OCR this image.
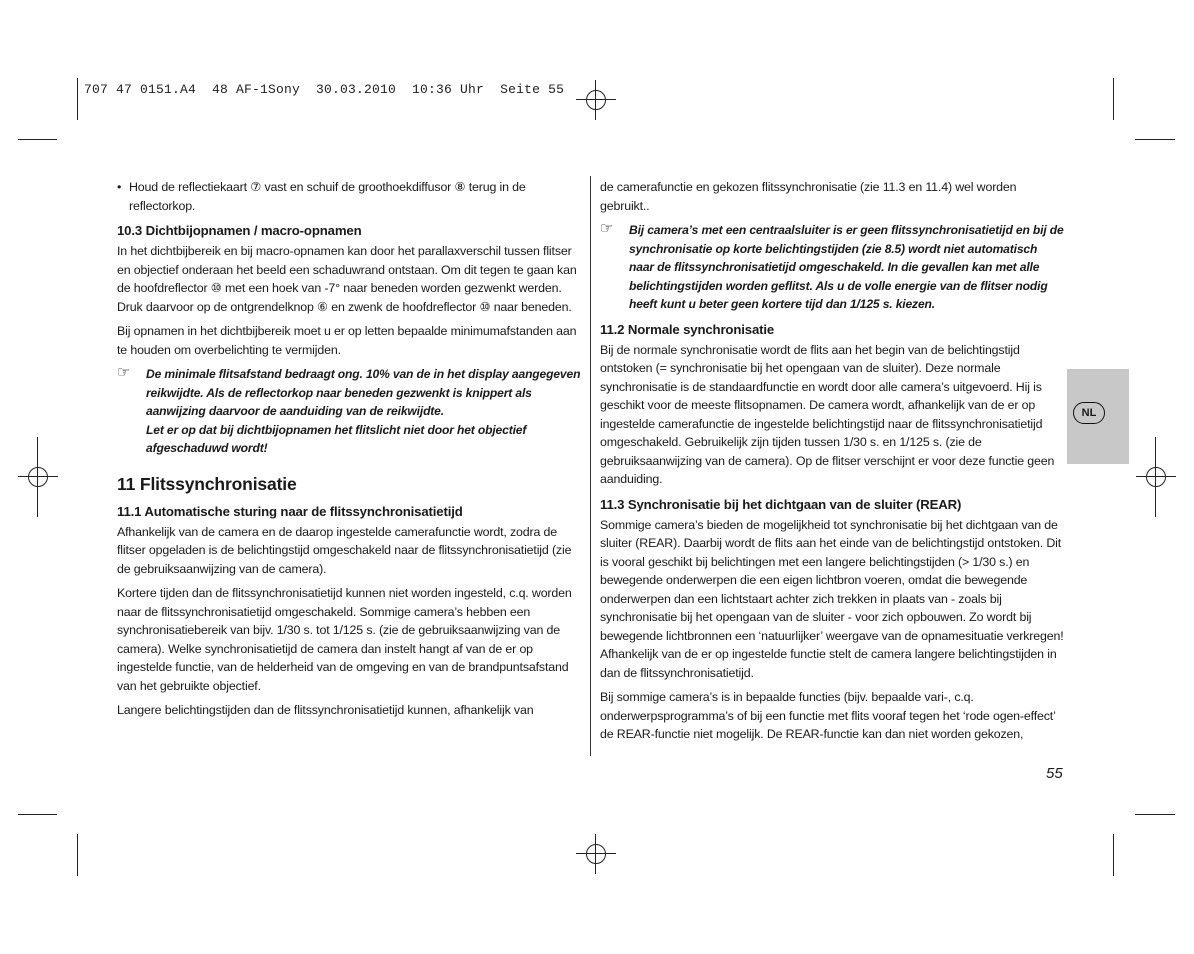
707 47 0151.A4  48 AF-1Sony  30.03.2010  10:36 Uhr  Seite 55
NL
• Houd de reflectiekaart ⑦ vast en schuif de groothoekdiffusor ⑧ terug in de reflectorkop.
10.3 Dichtbijopnamen / macro-opnamen

In het dichtbijbereik en bij macro-opnamen kan door het parallaxverschil tussen flitser en objectief onderaan het beeld een schaduwrand ontstaan. Om dit tegen te gaan kan de hoofdreflector ⑩ met een hoek van -7° naar beneden worden gezwenkt werden. Druk daarvoor op de ontgrendelknop ⑥ en zwenk de hoofdreflector ⑩ naar beneden.

Bij opnamen in het dichtbijbereik moet u er op letten bepaalde minimumafstanden aan te houden om overbelichting te vermijden.

☞ De minimale flitsafstand bedraagt ong. 10% van de in het display aangegeven reikwijdte. Als de reflectorkop naar beneden gezwenkt is knippert als aanwijzing daarvoor de aanduiding van de reikwijdte.
Let er op dat bij dichtbijopnamen het flitslicht niet door het objectief afgeschaduwd wordt!
11 Flitssynchronisatie
11.1 Automatische sturing naar de flitssynchronisatietijd

Afhankelijk van de camera en de daarop ingestelde camerafunctie wordt, zodra de flitser opgeladen is de belichtingstijd omgeschakeld naar de flitssynchronisatietijd (zie de gebruiksaanwijzing van de camera).

Kortere tijden dan de flitssynchronisatietijd kunnen niet worden ingesteld, c.q. worden naar de flitssynchronisatietijd omgeschakeld. Sommige camera’s hebben een synchronisatiebereik van bijv. 1/30 s. tot 1/125 s. (zie de gebruiksaanwijzing van de camera). Welke synchronisatietijd de camera dan instelt hangt af van de er op ingestelde functie, van de helderheid van de omgeving en van de brandpuntsafstand van het gebruikte objectief.

Langere belichtingstijden dan de flitssynchronisatietijd kunnen, afhankelijk van

de camerafunctie en gekozen flitssynchronisatie (zie 11.3 en 11.4) wel worden gebruikt..

☞ Bij camera’s met een centraalsluiter is er geen flitssynchronisatietijd en bij de synchronisatie op korte belichtingstijden (zie 8.5) wordt niet automatisch naar de flitssynchronisatietijd omgeschakeld. In die gevallen kan met alle belichtingstijden worden geflitst. Als u de volle energie van de flitser nodig heeft kunt u beter geen kortere tijd dan 1/125 s. kiezen.
11.2 Normale synchronisatie

Bij de normale synchronisatie wordt de flits aan het begin van de belichtingstijd ontstoken (= synchronisatie bij het opengaan van de sluiter). Deze normale synchronisatie is de standaardfunctie en wordt door alle camera’s uitgevoerd. Hij is geschikt voor de meeste flitsopnamen. De camera wordt, afhankelijk van de er op ingestelde camerafunctie de ingestelde belichtingstijd naar de flitssynchronisatietijd omgeschakeld. Gebruikelijk zijn tijden tussen 1/30 s. en 1/125 s. (zie de gebruiksaanwijzing van de camera). Op de flitser verschijnt er voor deze functie geen aanduiding.

11.3 Synchronisatie bij het dichtgaan van de sluiter (REAR)

Sommige camera’s bieden de mogelijkheid tot synchronisatie bij het dichtgaan van de sluiter (REAR). Daarbij wordt de flits aan het einde van de belichtingstijd ontstoken. Dit is vooral geschikt bij belichtingen met een langere belichtingstijden (> 1/30 s.) en bewegende onderwerpen die een eigen lichtbron voeren, omdat die bewegende onderwerpen dan een lichtstaart achter zich trekken in plaats van - zoals bij synchronisatie bij het opengaan van de sluiter - voor zich opbouwen. Zo wordt bij bewegende lichtbronnen een ‘natuurlijker’ weergave van de opnamesituatie verkregen! Afhankelijk van de er op ingestelde functie stelt de camera langere belichtingstijden in dan de flitssynchronisatietijd.

Bij sommige camera’s is in bepaalde functies (bijv. bepaalde vari-, c.q. onderwerpsprogramma’s of bij een functie met flits vooraf tegen het ‘rode ogen-effect’ de REAR-functie niet mogelijk. De REAR-functie kan dan niet worden gekozen,

55
